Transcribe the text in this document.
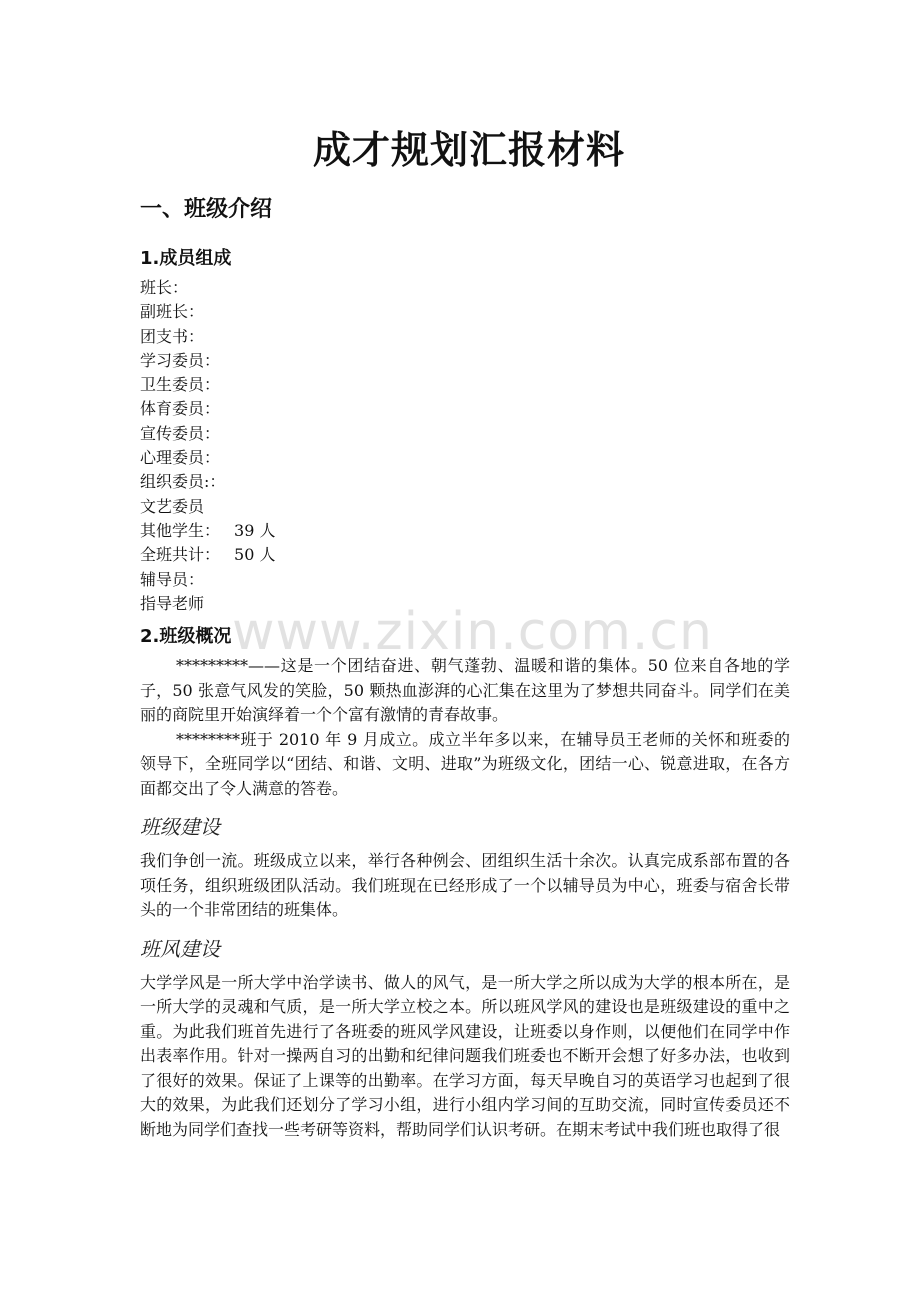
成才规划汇报材料
一、班级介绍
1.成员组成
班长：
副班长：
团支书：
学习委员：
卫生委员：
体育委员：
宣传委员：
心理委员：
组织委员:：
文艺委员
其他学生： 39 人
全班共计： 50 人
辅导员：
指导老师
2.班级概况

*********——这是一个团结奋进、朝气蓬勃、温暖和谐的集体。50 位来自各地的学子，50 张意气风发的笑脸，50 颗热血澎湃的心汇集在这里为了梦想共同奋斗。同学们在美丽的商院里开始演绎着一个个富有激情的青春故事。

********班于 2010 年 9 月成立。成立半年多以来，在辅导员王老师的关怀和班委的领导下，全班同学以“团结、和谐、文明、进取”为班级文化，团结一心、锐意进取，在各方面都交出了令人满意的答卷。

班级建设

我们争创一流。班级成立以来，举行各种例会、团组织生活十余次。认真完成系部布置的各项任务，组织班级团队活动。我们班现在已经形成了一个以辅导员为中心，班委与宿舍长带头的一个非常团结的班集体。

班风建设

大学学风是一所大学中治学读书、做人的风气，是一所大学之所以成为大学的根本所在，是一所大学的灵魂和气质，是一所大学立校之本。所以班风学风的建设也是班级建设的重中之重。为此我们班首先进行了各班委的班风学风建设，让班委以身作则，以便他们在同学中作出表率作用。针对一操两自习的出勤和纪律问题我们班委也不断开会想了好多办法，也收到了很好的效果。保证了上课等的出勤率。在学习方面，每天早晚自习的英语学习也起到了很大的效果，为此我们还划分了学习小组，进行小组内学习间的互助交流，同时宣传委员还不断地为同学们查找一些考研等资料，帮助同学们认识考研。在期末考试中我们班也取得了很

www.zixin.com.cn
